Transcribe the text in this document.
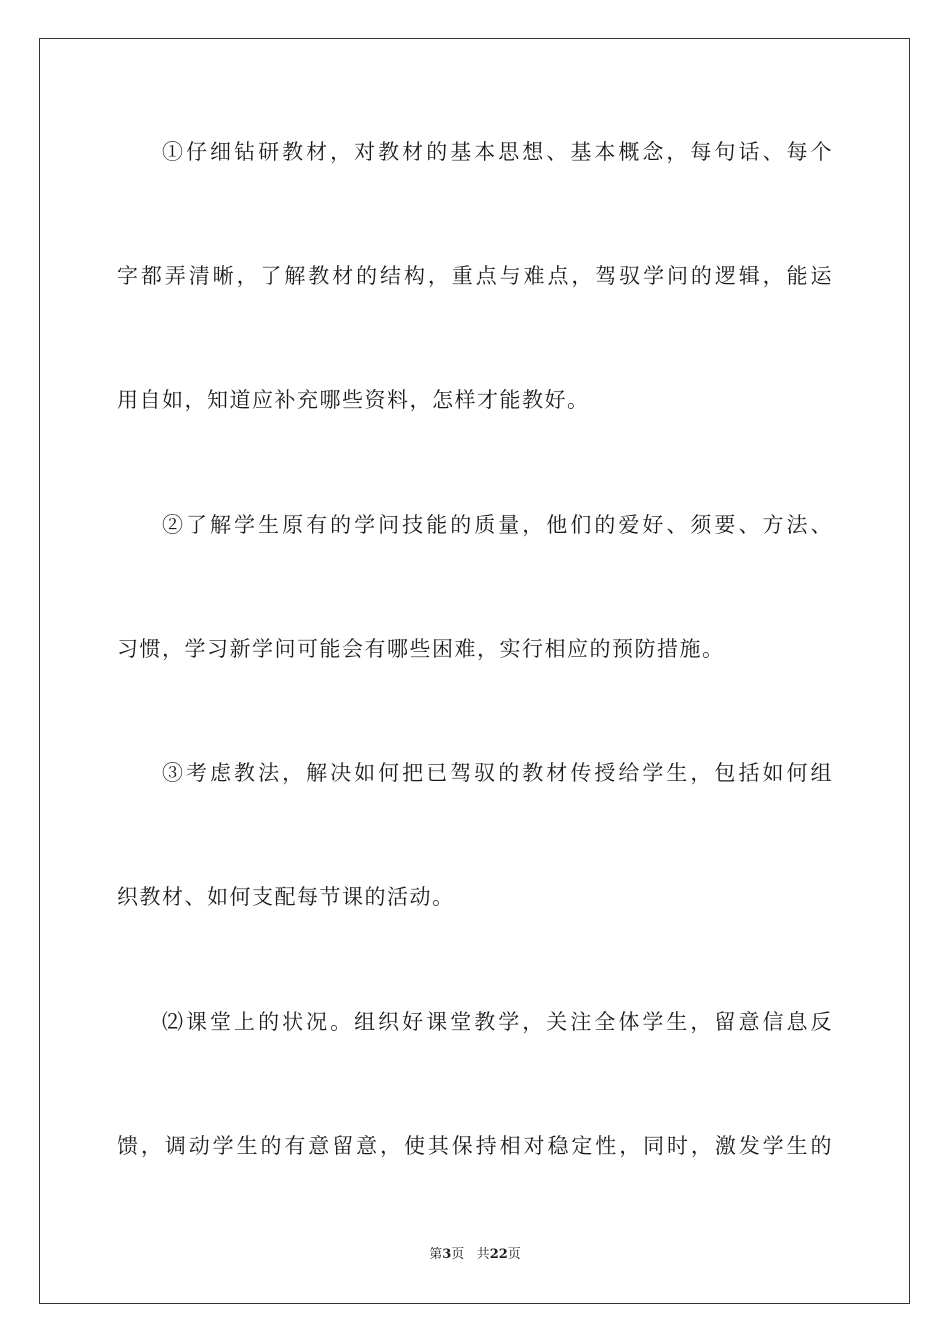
①仔细钻研教材，对教材的基本思想、基本概念，每句话、每个
字都弄清晰，了解教材的结构，重点与难点，驾驭学问的逻辑，能运
用自如，知道应补充哪些资料，怎样才能教好。
②了解学生原有的学问技能的质量，他们的爱好、须要、方法、
习惯，学习新学问可能会有哪些困难，实行相应的预防措施。
③考虑教法，解决如何把已驾驭的教材传授给学生，包括如何组
织教材、如何支配每节课的活动。
⑵课堂上的状况。组织好课堂教学，关注全体学生，留意信息反
馈，调动学生的有意留意，使其保持相对稳定性，同时，激发学生的
第3页 共22页
